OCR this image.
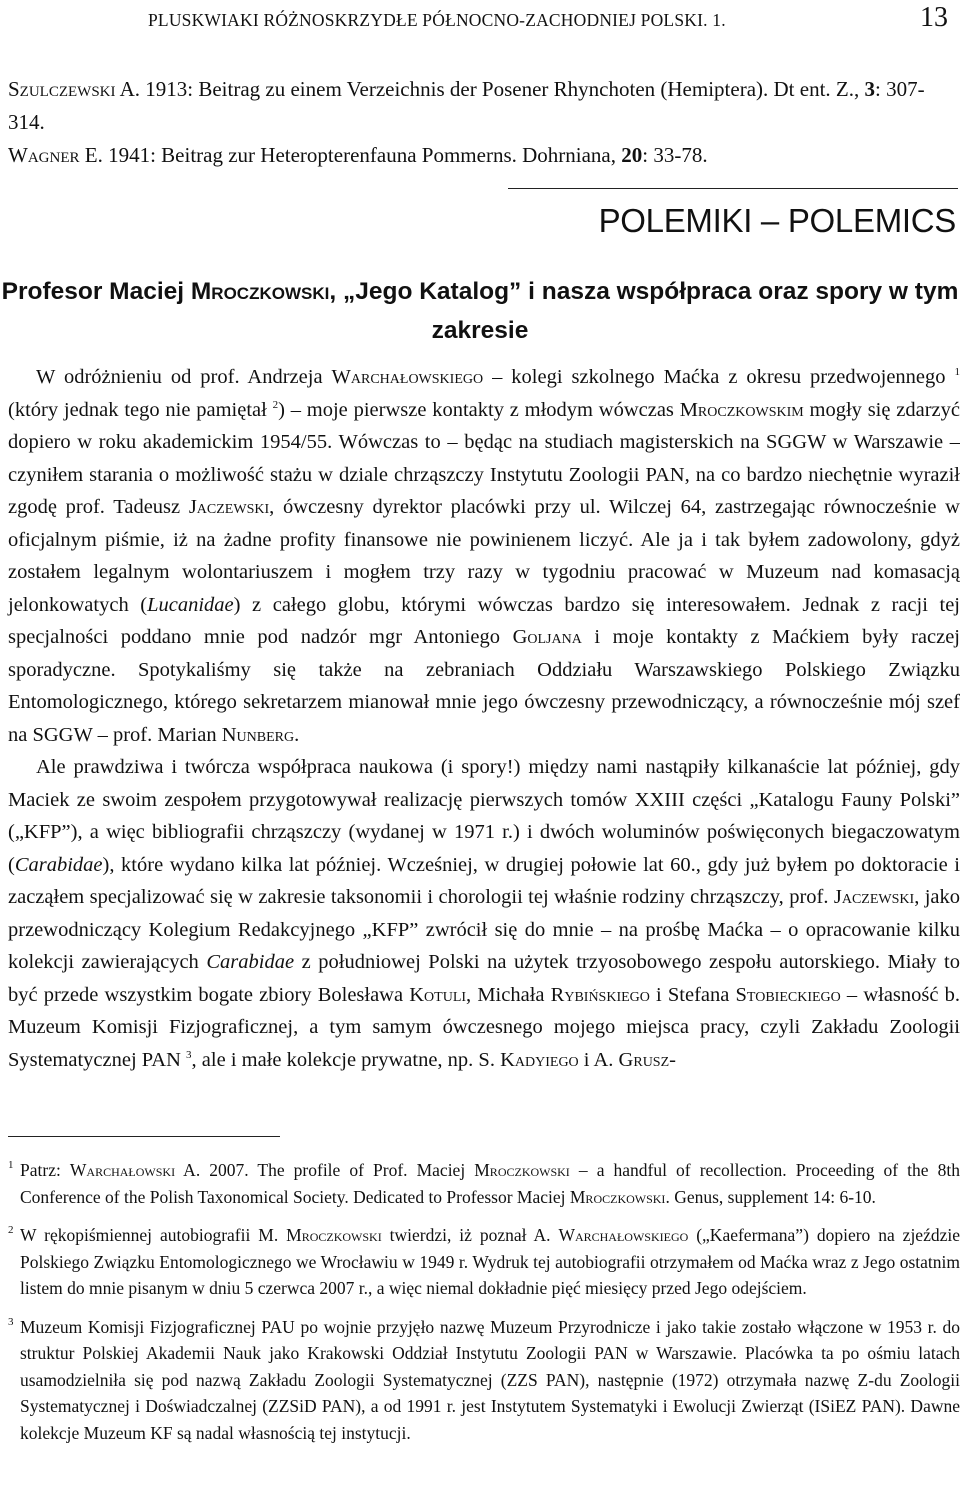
PLUSKWIAKI RÓŻNOSKRZYDŁE PÓŁNOCNO-ZACHODNIEJ POLSKI. 1.	13
Szulczewski A. 1913: Beitrag zu einem Verzeichnis der Posener Rhynchoten (Hemiptera). Dt ent. Z., 3: 307-314.
Wagner E. 1941: Beitrag zur Heteropterenfauna Pommerns. Dohrniana, 20: 33-78.
POLEMIKI – POLEMICS
Profesor Maciej Mroczkowski, „Jego Katalog” i nasza współpraca oraz spory w tym zakresie

W odróżnieniu od prof. Andrzeja Warchałowskiego – kolegi szkolnego Maćka z okresu przedwojennego $^1$ (który jednak tego nie pamiętał $^2$) – moje pierwsze kontakty z młodym wówczas Mroczkowskim mogły się zdarzyć dopiero w roku akademickim 1954/55. Wówczas to – będąc na studiach magisterskich na SGGW w Warszawie – czyniłem starania o możliwość stażu w dziale chrząszczy Instytutu Zoologii PAN, na co bardzo niechętnie wyraził zgodę prof. Tadeusz Jaczewski, ówczesny dyrektor placówki przy ul. Wilczej 64, zastrzegając równocześnie w oficjalnym piśmie, iż na żadne profity finansowe nie powinienem liczyć. Ale ja i tak byłem zadowolony, gdyż zostałem legalnym wolontariuszem i mogłem trzy razy w tygodniu pracować w Muzeum nad komasacją jelonkowatych (Lucanidae) z całego globu, którymi wówczas bardzo się interesowałem. Jednak z racji tej specjalności poddano mnie pod nadzór mgr Antoniego Goljana i moje kontakty z Maćkiem były raczej sporadyczne. Spotykaliśmy się także na zebraniach Oddziału Warszawskiego Polskiego Związku Entomologicznego, którego sekretarzem mianował mnie jego ówczesny przewodniczący, a równocześnie mój szef na SGGW – prof. Marian Nunberg.

Ale prawdziwa i twórcza współpraca naukowa (i spory!) między nami nastąpiły kilkanaście lat później, gdy Maciek ze swoim zespołem przygotowywał realizację pierwszych tomów XXIII części „Katalogu Fauny Polski” („KFP”), a więc bibliografii chrząszczy (wydanej w 1971 r.) i dwóch woluminów poświęconych biegaczowatym (Carabidae), które wydano kilka lat później. Wcześniej, w drugiej połowie lat 60., gdy już byłem po doktoracie i zacząłem specjalizować się w zakresie taksonomii i chorologii tej właśnie rodziny chrząszczy, prof. Jaczewski, jako przewodniczący Kolegium Redakcyjnego „KFP” zwrócił się do mnie – na prośbę Maćka – o opracowanie kilku kolekcji zawierających Carabidae z południowej Polski na użytek trzyosobowego zespołu autorskiego. Miały to być przede wszystkim bogate zbiory Bolesława Kotuli, Michała Rybińskiego i Stefana Stobieckiego – własność b. Muzeum Komisji Fizjograficznej, a tym samym ówczesnego mojego miejsca pracy, czyli Zakładu Zoologii Systematycznej PAN $^3$, ale i małe kolekcje prywatne, np. S. Kadyiego i A. Grusz-

1 Patrz: Warchałowski A. 2007. The profile of Prof. Maciej Mroczkowski – a handful of recollection. Proceeding of the 8th Conference of the Polish Taxonomical Society. Dedicated to Professor Maciej Mroczkowski. Genus, supplement 14: 6-10.
2 W rękopiśmiennej autobiografii M. Mroczkowski twierdzi, iż poznał A. Warchałowskiego („Kaefermana”) dopiero na zjeździe Polskiego Związku Entomologicznego we Wrocławiu w 1949 r. Wydruk tej autobiografii otrzymałem od Maćka wraz z Jego ostatnim listem do mnie pisanym w dniu 5 czerwca 2007 r., a więc niemal dokładnie pięć miesięcy przed Jego odejściem.
3 Muzeum Komisji Fizjograficznej PAU po wojnie przyjęło nazwę Muzeum Przyrodnicze i jako takie zostało włączone w 1953 r. do struktur Polskiej Akademii Nauk jako Krakowski Oddział Instytutu Zoologii PAN w Warszawie. Placówka ta po ośmiu latach usamodzielniła się pod nazwą Zakładu Zoologii Systematycznej (ZZS PAN), następnie (1972) otrzymała nazwę Z-du Zoologii Systematycznej i Doświadczalnej (ZZSiD PAN), a od 1991 r. jest Instytutem Systematyki i Ewolucji Zwierząt (ISiEZ PAN). Dawne kolekcje Muzeum KF są nadal własnością tej instytucji.
